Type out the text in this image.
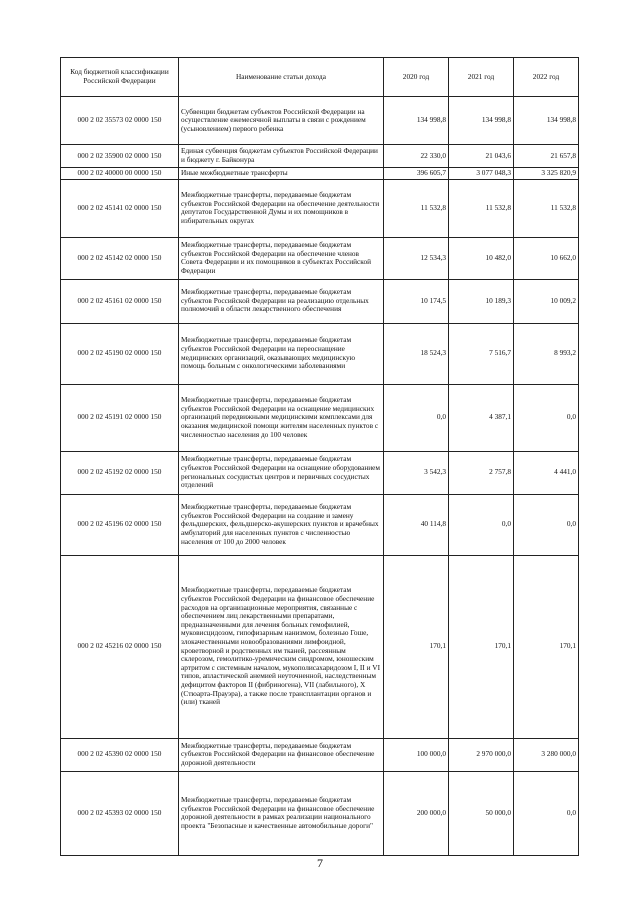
Код бюджетной классификации Российской Федерации	Наименование статьи дохода	2020 год	2021 год	2022 год
000 2 02 35573 02 0000 150	Субвенции бюджетам субъектов Российской Федерации на осуществление ежемесячной выплаты в связи с рождением (усыновлением) первого ребенка	134 998,8	134 998,8	134 998,8
000 2 02 35900 02 0000 150	Единая субвенция бюджетам субъектов Российской Федерации и бюджету г. Байконура	22 330,0	21 043,6	21 657,8
000 2 02 40000 00 0000 150	Иные межбюджетные трансферты	396 605,7	3 077 048,3	3 325 820,9
000 2 02 45141 02 0000 150	Межбюджетные трансферты, передаваемые бюджетам субъектов Российской Федерации на обеспечение деятельности депутатов Государственной Думы и их помощников в избирательных округах	11 532,8	11 532,8	11 532,8
000 2 02 45142 02 0000 150	Межбюджетные трансферты, передаваемые бюджетам субъектов Российской Федерации на обеспечение членов Совета Федерации и их помощников в субъектах Российской Федерации	12 534,3	10 482,0	10 662,0
000 2 02 45161 02 0000 150	Межбюджетные трансферты, передаваемые бюджетам субъектов Российской Федерации на реализацию отдельных полномочий в области лекарственного обеспечения	10 174,5	10 189,3	10 009,2
000 2 02 45190 02 0000 150	Межбюджетные трансферты, передаваемые бюджетам субъектов Российской Федерации на переоснащение медицинских организаций, оказывающих медицинскую помощь больным с онкологическими заболеваниями	18 524,3	7 516,7	8 993,2
000 2 02 45191 02 0000 150	Межбюджетные трансферты, передаваемые бюджетам субъектов Российской Федерации на оснащение медицинских организаций передвижными медицинскими комплексами для оказания медицинской помощи жителям населенных пунктов с численностью населения до 100 человек	0,0	4 387,1	0,0
000 2 02 45192 02 0000 150	Межбюджетные трансферты, передаваемые бюджетам субъектов Российской Федерации на оснащение оборудованием региональных сосудистых центров и первичных сосудистых отделений	3 542,3	2 757,8	4 441,0
000 2 02 45196 02 0000 150	Межбюджетные трансферты, передаваемые бюджетам субъектов Российской Федерации на создание и замену фельдшерских, фельдшерско-акушерских пунктов и врачебных амбулаторий для населенных пунктов с численностью населения от 100 до 2000 человек	40 114,8	0,0	0,0
000 2 02 45216 02 0000 150	Межбюджетные трансферты, передаваемые бюджетам субъектов Российской Федерации на финансовое обеспечение расходов на организационные мероприятия, связанные с обеспечением лиц лекарственными препаратами, предназначенными для лечения больных гемофилией, муковисцидозом, гипофизарным нанизмом, болезнью Гоше, злокачественными новообразованиями лимфоидной, кроветворной и родственных им тканей, рассеянным склерозом, гемолитико-уремическим синдромом, юношеским артритом с системным началом, мукополисахаридозом I, II и VI типов, апластической анемией неуточненной, наследственным дефицитом факторов II (фибриногена), VII (лабильного), X (Стюарта-Прауэра), а также после трансплантации органов и (или) тканей	170,1	170,1	170,1
000 2 02 45390 02 0000 150	Межбюджетные трансферты, передаваемые бюджетам субъектов Российской Федерации на финансовое обеспечение дорожной деятельности	100 000,0	2 970 000,0	3 280 000,0
000 2 02 45393 02 0000 150	Межбюджетные трансферты, передаваемые бюджетам субъектов Российской Федерации на финансовое обеспечение дорожной деятельности в рамках реализации национального проекта "Безопасные и качественные автомобильные дороги"	200 000,0	50 000,0	0,0
7
